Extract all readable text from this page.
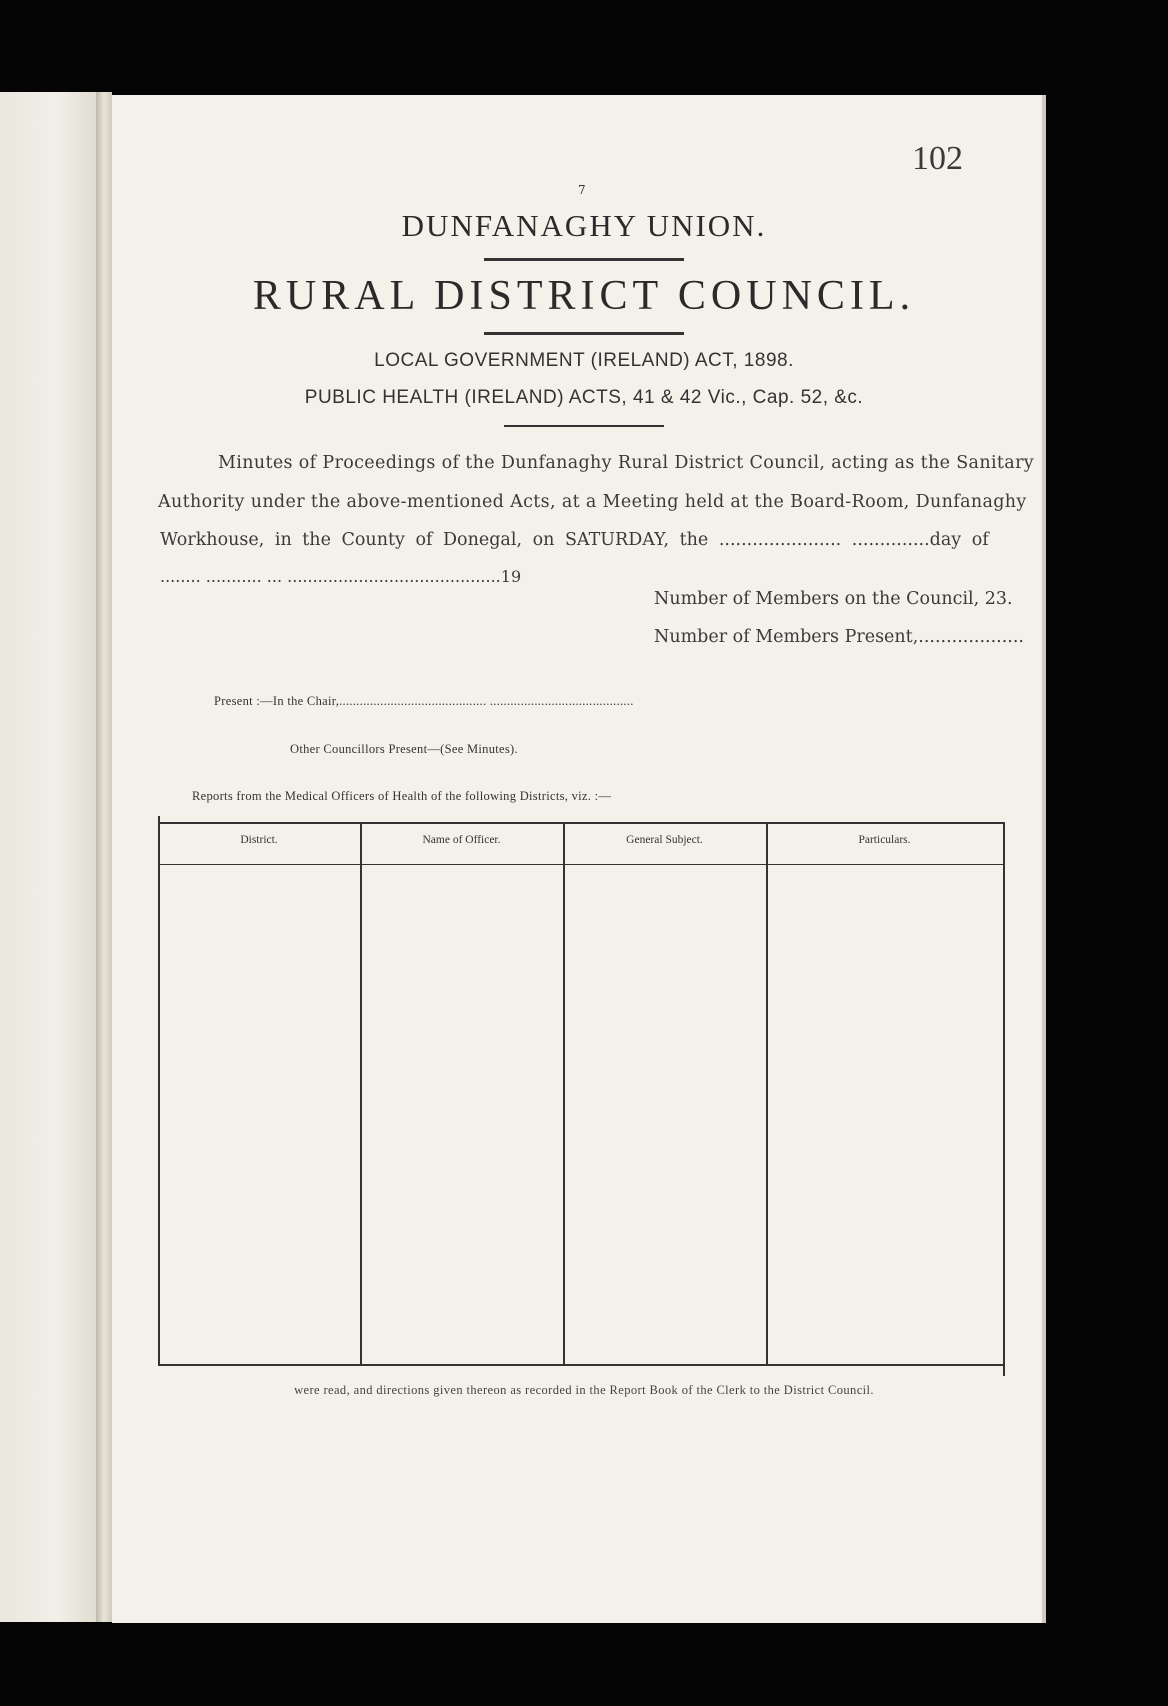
102
7
DUNFANAGHY UNION.
RURAL DISTRICT COUNCIL.
LOCAL GOVERNMENT (IRELAND) ACT, 1898.
PUBLIC HEALTH (IRELAND) ACTS, 41 & 42 Vic., Cap. 52, &c.
Minutes of Proceedings of the Dunfanaghy Rural District Council, acting as the Sanitary
Authority under the above-mentioned Acts, at a Meeting held at the Board-Room, Dunfanaghy
Workhouse, in the County of Donegal, on SATURDAY, the ...................... ..............day of
........ ........... ... ..........................................19
Number of Members on the Council, 23.
Number of Members Present,...................
Present :—In the Chair,........................................... ..........................................
Other Councillors Present—(See Minutes).
Reports from the Medical Officers of Health of the following Districts, viz. :—
District.	Name of Officer.	General Subject.	Particulars.
were read, and directions given thereon as recorded in the Report Book of the Clerk to the District Council.
